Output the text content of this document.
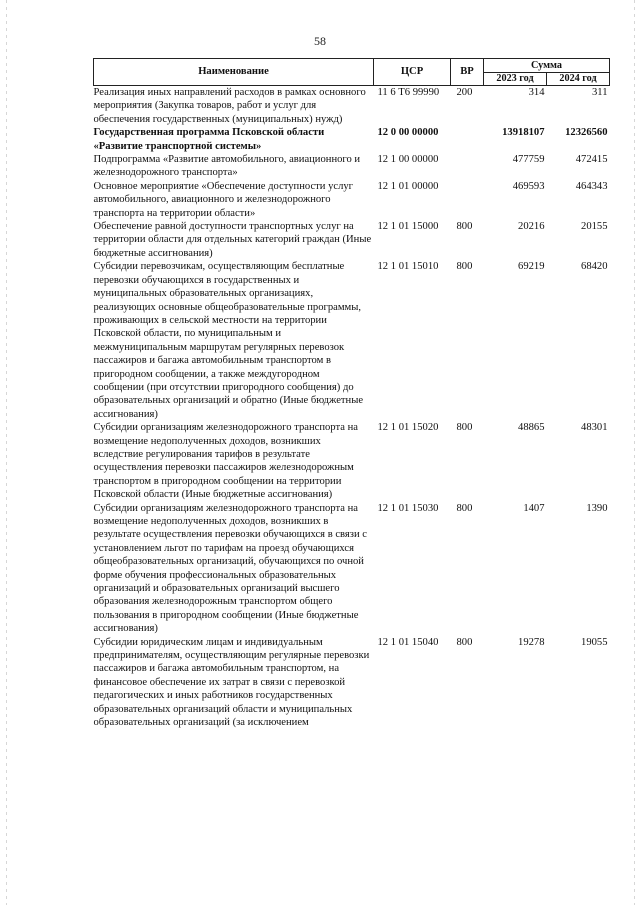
58
Наименование	ЦСР	ВР	Сумма	
			2023 год	2024 год
Реализация иных направлений расходов в рамках основного мероприятия (Закупка товаров, работ и услуг для обеспечения государственных (муниципальных) нужд)	11 6 Т6 99990	200	314	311
Государственная программа Псковской области «Развитие транспортной системы»	12 0 00 00000		13918107	12326560
Подпрограмма «Развитие автомобильного, авиационного и железнодорожного транспорта»	12 1 00 00000		477759	472415
Основное мероприятие «Обеспечение доступности услуг автомобильного, авиационного и железнодорожного транспорта на территории области»	12 1 01 00000		469593	464343
Обеспечение равной доступности транспортных услуг на территории области для отдельных категорий граждан (Иные бюджетные ассигнования)	12 1 01 15000	800	20216	20155
Субсидии перевозчикам, осуществляющим бесплатные перевозки обучающихся в государственных и муниципальных образовательных организациях, реализующих основные общеобразовательные программы, проживающих в сельской местности на территории Псковской области, по муниципальным и межмуниципальным маршрутам регулярных перевозок пассажиров и багажа автомобильным транспортом в пригородном сообщении, а также междугородном сообщении (при отсутствии пригородного сообщения) до образовательных организаций и обратно (Иные бюджетные ассигнования)	12 1 01 15010	800	69219	68420
Субсидии организациям железнодорожного транспорта на возмещение недополученных доходов, возникших вследствие регулирования тарифов в результате осуществления перевозки пассажиров железнодорожным транспортом в пригородном сообщении на территории Псковской области (Иные бюджетные ассигнования)	12 1 01 15020	800	48865	48301
Субсидии организациям железнодорожного транспорта на возмещение недополученных доходов, возникших в результате осуществления перевозки обучающихся в связи с установлением льгот по тарифам на проезд обучающихся общеобразовательных организаций, обучающихся по очной форме обучения профессиональных образовательных организаций и образовательных организаций высшего образования железнодорожным транспортом общего пользования в пригородном сообщении (Иные бюджетные ассигнования)	12 1 01 15030	800	1407	1390
Субсидии юридическим лицам и индивидуальным предпринимателям, осуществляющим регулярные перевозки пассажиров и багажа автомобильным транспортом, на финансовое обеспечение их затрат в связи с перевозкой педагогических и иных работников государственных образовательных организаций области и муниципальных образовательных организаций (за исключением	12 1 01 15040	800	19278	19055
